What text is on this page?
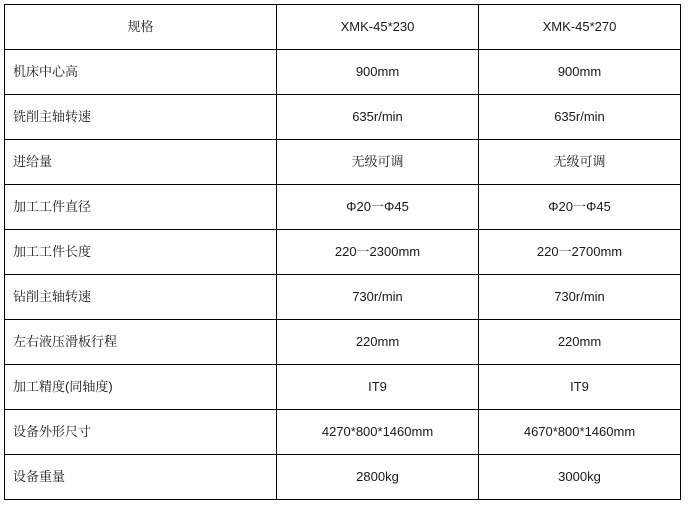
规格	XMK-45*230	XMK-45*270
机床中心高	900mm	900mm
铣削主轴转速	635r/min	635r/min
进给量	无级可调	无级可调
加工工件直径	Φ20一Φ45	Φ20一Φ45
加工工件长度	220一2300mm	220一2700mm
钻削主轴转速	730r/min	730r/min
左右液压滑板行程	220mm	220mm
加工精度(同轴度)	IT9	IT9
设备外形尺寸	4270*800*1460mm	4670*800*1460mm
设备重量	2800kg	3000kg
